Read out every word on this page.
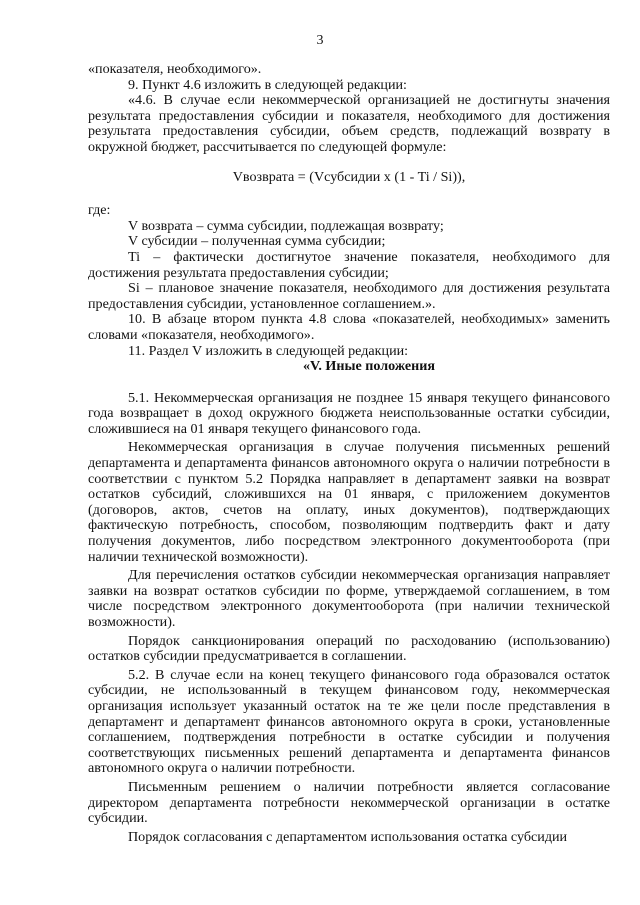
3

«показателя, необходимого».

9. Пункт 4.6 изложить в следующей редакции:

«4.6. В случае если некоммерческой организацией не достигнуты значения результата предоставления субсидии и показателя, необходимого для достижения результата предоставления субсидии, объем средств, подлежащий возврату в окружной бюджет, рассчитывается по следующей формуле:

Vвозврата = (Vсубсидии x (1 - Ti / Si)),

где:

V возврата – сумма субсидии, подлежащая возврату;

V субсидии – полученная сумма субсидии;

Ti – фактически достигнутое значение показателя, необходимого для достижения результата предоставления субсидии;

Si – плановое значение показателя, необходимого для достижения результата предоставления субсидии, установленное соглашением.».

10. В абзаце втором пункта 4.8 слова «показателей, необходимых» заменить словами «показателя, необходимого».

11. Раздел V изложить в следующей редакции:

«V. Иные положения

5.1. Некоммерческая организация не позднее 15 января текущего финансового года возвращает в доход окружного бюджета неиспользованные остатки субсидии, сложившиеся на 01 января текущего финансового года.

Некоммерческая организация в случае получения письменных решений департамента и департамента финансов автономного округа о наличии потребности в соответствии с пунктом 5.2 Порядка направляет в департамент заявки на возврат остатков субсидий, сложившихся на 01 января, с приложением документов (договоров, актов, счетов на оплату, иных документов), подтверждающих фактическую потребность, способом, позволяющим подтвердить факт и дату получения документов, либо посредством электронного документооборота (при наличии технической возможности).

Для перечисления остатков субсидии некоммерческая организация направляет заявки на возврат остатков субсидии по форме, утверждаемой соглашением, в том числе посредством электронного документооборота (при наличии технической возможности).

Порядок санкционирования операций по расходованию (использованию) остатков субсидии предусматривается в соглашении.

5.2. В случае если на конец текущего финансового года образовался остаток субсидии, не использованный в текущем финансовом году, некоммерческая организация использует указанный остаток на те же цели после представления в департамент и департамент финансов автономного округа в сроки, установленные соглашением, подтверждения потребности в остатке субсидии и получения соответствующих письменных решений департамента и департамента финансов автономного округа о наличии потребности.

Письменным решением о наличии потребности является согласование директором департамента потребности некоммерческой организации в остатке субсидии.

Порядок согласования с департаментом использования остатка субсидии
